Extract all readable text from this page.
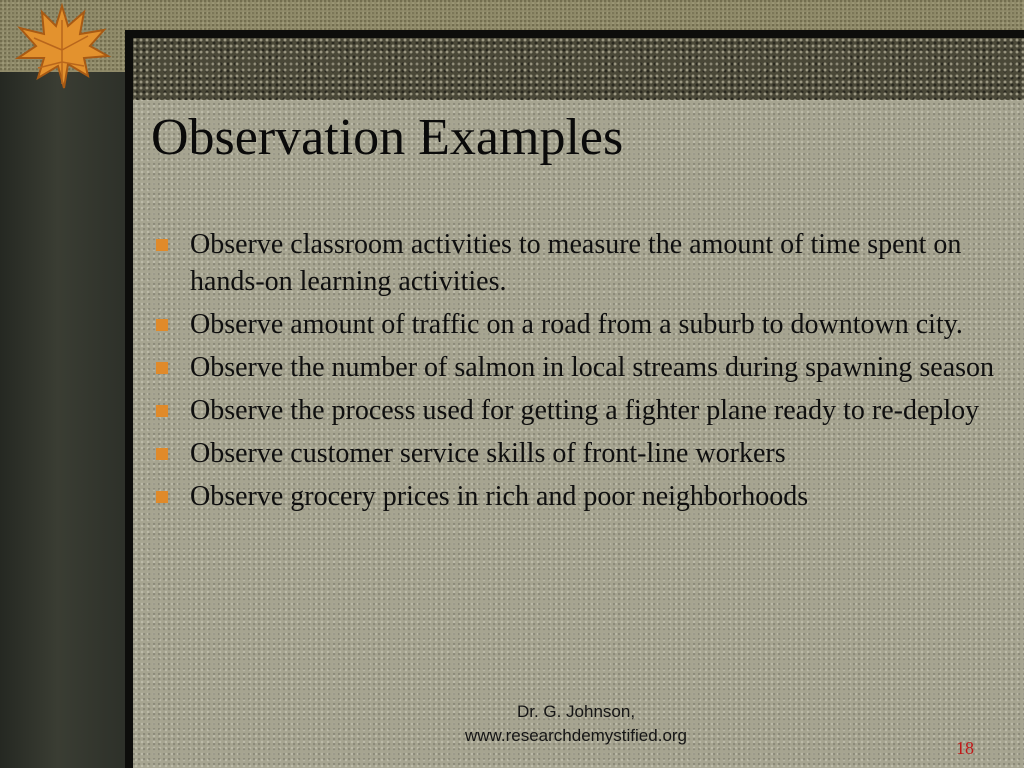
Observation Examples
Observe classroom activities to measure the amount of time spent on hands-on learning activities.
Observe amount of traffic on a road from a suburb to downtown city.
Observe the number of salmon in local streams during spawning season
Observe the process used for getting a fighter plane ready to re-deploy
Observe customer service skills of front-line workers
Observe grocery prices in rich and poor neighborhoods
Dr. G. Johnson,
www.researchdemystified.org
18
